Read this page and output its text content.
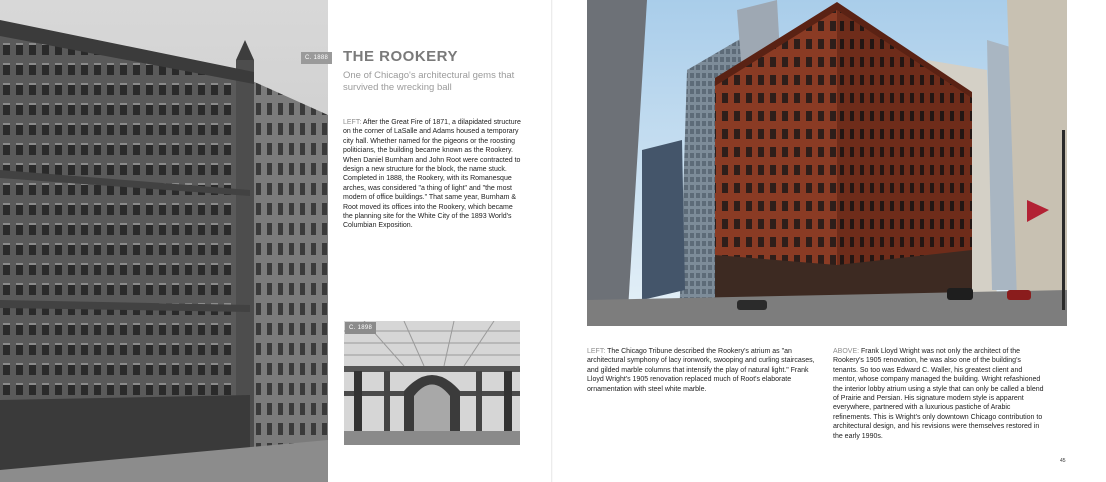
C. 1888 THE ROOKERY

One of Chicago's architectural gems that survived the wrecking ball

LEFT: After the Great Fire of 1871, a dilapidated structure on the corner of LaSalle and Adams housed a temporary city hall. Whether named for the pigeons or the roosting politicians, the building became known as the Rookery. When Daniel Burnham and John Root were contracted to design a new structure for the block, the name stuck. Completed in 1888, the Rookery, with its Romanesque arches, was considered "a thing of light" and "the most modern of office buildings." That same year, Burnham & Root moved its offices into the Rookery, which became the planning site for the White City of the 1893 World's Columbian Exposition.

C. 1898

LEFT: The Chicago Tribune described the Rookery's atrium as "an architectural symphony of lacy ironwork, swooping and curling staircases, and gilded marble columns that intensify the play of natural light." Frank Lloyd Wright's 1905 renovation replaced much of Root's elaborate ornamentation with steel white marble.

ABOVE: Frank Lloyd Wright was not only the architect of the Rookery's 1905 renovation, he was also one of the building's tenants. So too was Edward C. Waller, his greatest client and mentor, whose company managed the building. Wright refashioned the interior lobby atrium using a style that can only be called a blend of Prairie and Persian. His signature modern style is apparent everywhere, partnered with a luxurious pastiche of Arabic refinements. This is Wright's only downtown Chicago contribution to architectural design, and his revisions were themselves restored in the early 1990s.

45
